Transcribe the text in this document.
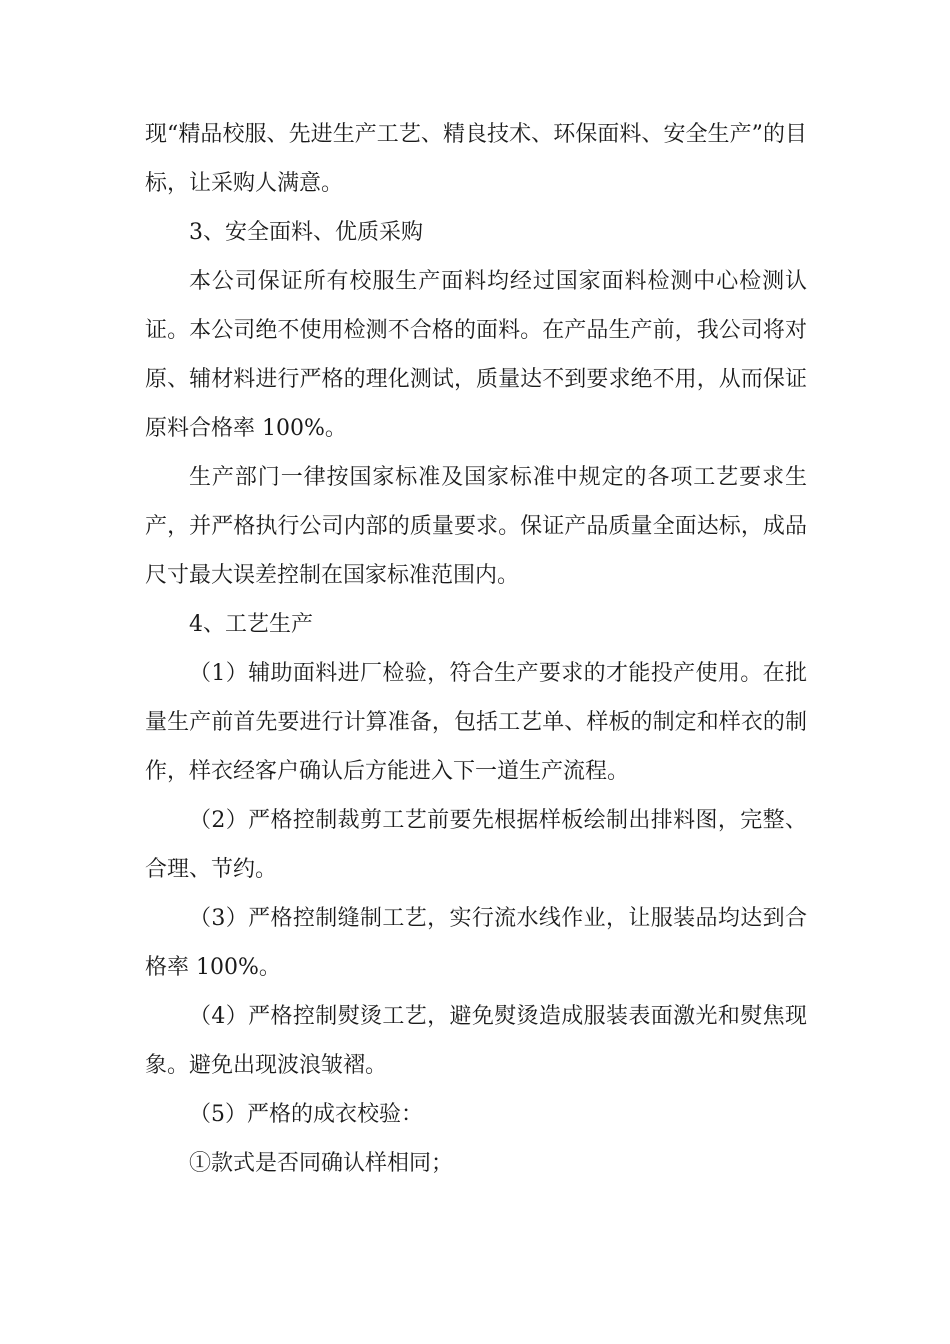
现“精品校服、先进生产工艺、精良技术、环保面料、安全生产”的目标，让采购人满意。

3、安全面料、优质采购

本公司保证所有校服生产面料均经过国家面料检测中心检测认证。本公司绝不使用检测不合格的面料。在产品生产前，我公司将对原、辅材料进行严格的理化测试，质量达不到要求绝不用，从而保证原料合格率 100%。

生产部门一律按国家标准及国家标准中规定的各项工艺要求生产，并严格执行公司内部的质量要求。保证产品质量全面达标，成品尺寸最大误差控制在国家标准范围内。

4、工艺生产

（1）辅助面料进厂检验，符合生产要求的才能投产使用。在批量生产前首先要进行计算准备，包括工艺单、样板的制定和样衣的制作，样衣经客户确认后方能进入下一道生产流程。

（2）严格控制裁剪工艺前要先根据样板绘制出排料图，完整、合理、节约。

（3）严格控制缝制工艺，实行流水线作业，让服装品均达到合格率 100%。

（4）严格控制熨烫工艺，避免熨烫造成服装表面激光和熨焦现象。避免出现波浪皱褶。

（5）严格的成衣校验：

①款式是否同确认样相同；
